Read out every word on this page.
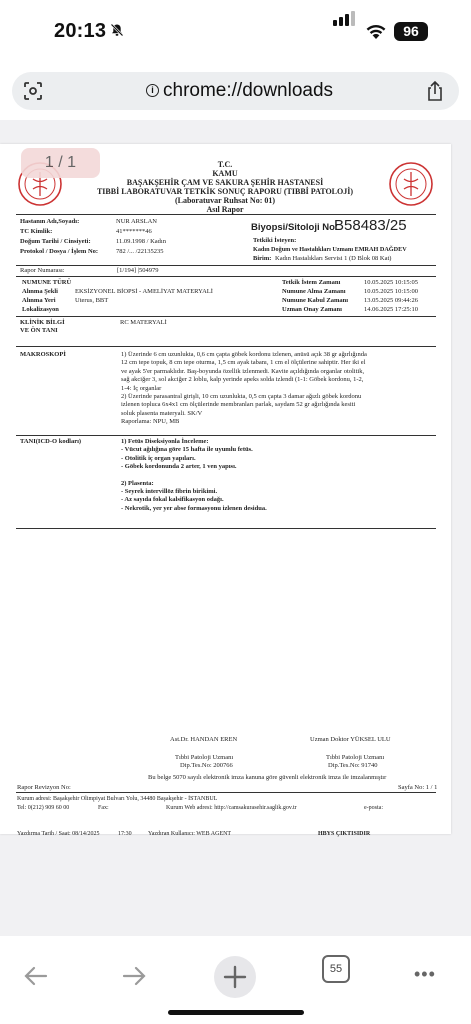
20:13	96
i chrome://downloads
T.C.
KAMU
BAŞAKŞEHİR ÇAM VE SAKURA ŞEHİR HASTANESİ
TIBBİ LABORATUVAR TETKİK SONUÇ RAPORU (TIBBİ PATOLOJİ)
(Laboratuvar Ruhsat No: 01)
Asıl Rapor
1 / 1
Hastanın Adı,Soyadı:	NUR ARSLAN
TC Kimlik:	41*******46
Doğum Tarihi / Cinsiyeti:	11.09.1998 / Kadın
Protokol / Dosya / İşlem No:	782 /... /22135235
Biyopsi/Sitoloji No:
B58483/25
Tetkiki İsteyen:
Kadın Doğum ve Hastalıkları Uzmanı EMRAH DAĞDEV
Birim: Kadın Hastalıkları Servisi 1 (D Blok 08 Kat)
Rapor Numarası:	[1/194] |504979
NUMUNE TÜRÜ
Alınma Şekli	EKSİZYONEL BİOPSİ - AMELİYAT MATERYALİ
Alınma Yeri	Uterus, BBT
Lokalizasyon
Tetkik İstem Zamanı	10.05.2025 10:15:05
Numune Alma Zamanı	10.05.2025 10:15:00
Numune Kabul Zamanı 13.05.2025 09:44:26
Uzman Onay Zamanı	14.06.2025 17:25:10
KLİNİK BİLGİ
VE ÖN TANI
RC MATERYALİ
MAKROSKOPİ	1) Üzerinde 6 cm uzunlukta, 0,6 cm çapta göbek kordonu izlenen, anüsü açık 38 gr ağırlığında
12 cm tepe topuk, 8 cm tepe oturma, 1,5 cm ayak tabanı, 1 cm el ölçülerine sahiptir. Her iki el
ve ayak 5'er parmaklıdır. Baş-boyunda özellik izlenmedi. Kavite açıldığında organlar otolitik,
sağ akciğer 3, sol akciğer 2 loblu, kalp yerinde apeks solda izlendi (1-1: Göbek kordonu, 1-2,
1-4: İç organlar
2) Üzerinde parasantral girişli, 10 cm uzunlukta, 0,5 cm çapta 3 damar ağızlı göbek kordonu
izlenen topluca 6x4x1 cm ölçülerinde membranları parlak, saydam 52 gr ağırlığında kesiti
soluk plasenta materyali. SK/V
Raporlama: NPU, MB
TANI(ICD-O kodları)	1) Fetüs Diseksiyonla İnceleme:
- Vücut ağılığına göre 15 hafta ile uyumlu fetüs.
- Otolitik iç organ yapıları.
- Göbek kordonunda 2 arter, 1 ven yapısı.
2) Plasenta:
- Seyrek intervillöz fibrin birikimi.
- Az sayıda fokal kalsifikasyon odağı.
- Nekrotik, yer yer abse formasyonu izlenen desidua.
Ast.Dr. HANDAN EREN
Tıbbi Patoloji Uzmanı
Dip.Tes.No: 200766
Uzman Doktor YÜKSEL ULU
Tıbbi Patoloji Uzmanı
Dip.Tes.No: 91740
Bu belge 5070 sayılı elektronik imza kanuna göre güvenli elektronik imza ile imzalanmıştır
Rapor Revizyon No:	Sayfa No: 1 / 1
Kurum adresi: Başakşehir Olimpiyat Bulvarı Yolu, 34480 Başakşehir - İSTANBUL
Tel: 0(212) 909 60 00	Fax:	Kurum Web adresi: http://camsakurasehir.saglik.gov.tr	e-posta:
Yazdırma Tarih / Saat: 08/14/2025	17:30	Yazdıran Kullanıcı: WEB AGENT	HBYS ÇIKTISIDIR
55	•••
